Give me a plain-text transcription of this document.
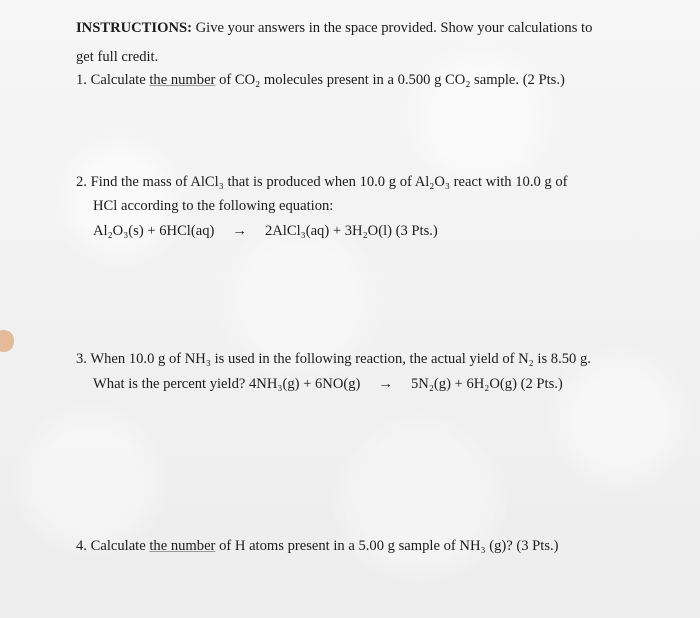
INSTRUCTIONS: Give your answers in the space provided. Show your calculations to
get full credit.
1. Calculate the number of CO₂ molecules present in a 0.500 g CO₂ sample. (2 Pts.)
2. Find the mass of AlCl₃ that is produced when 10.0 g of Al₂O₃ react with 10.0 g of
HCl according to the following equation:
Al₂O₃(s) + 6HCl(aq) → 2AlCl₃(aq) + 3H₂O(l) (3 Pts.)
3. When 10.0 g of NH₃ is used in the following reaction, the actual yield of N₂ is 8.50 g.
What is the percent yield? 4NH₃(g) + 6NO(g) → 5N₂(g) + 6H₂O(g) (2 Pts.)
4. Calculate the number of H atoms present in a 5.00 g sample of NH₃ (g)? (3 Pts.)
